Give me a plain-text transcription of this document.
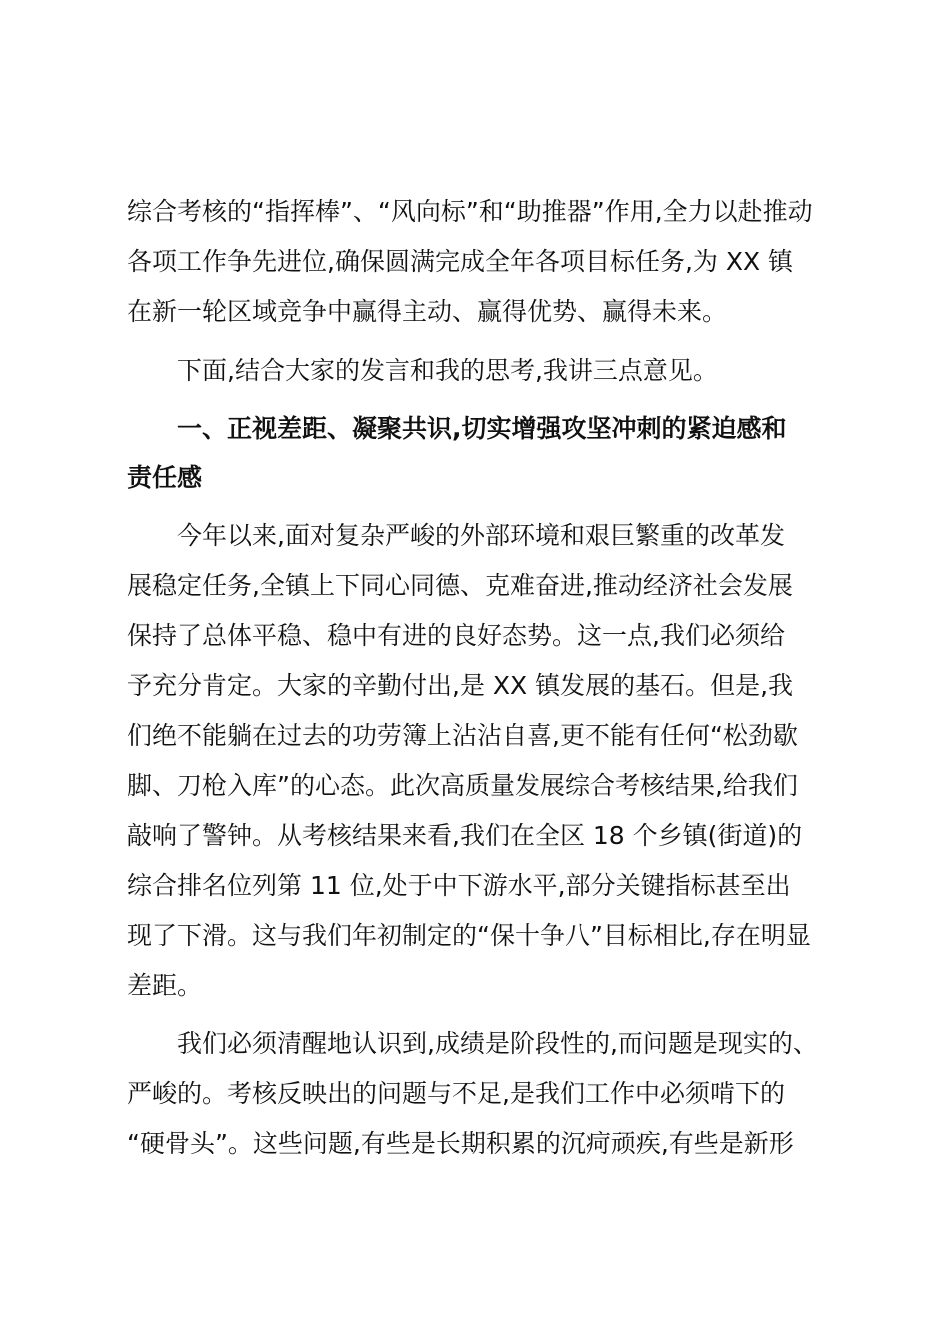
综合考核的“指挥棒”、“风向标”和“助推器”作用,全力以赴推动
各项工作争先进位,确保圆满完成全年各项目标任务,为 XX 镇
在新一轮区域竞争中赢得主动、赢得优势、赢得未来。
下面,结合大家的发言和我的思考,我讲三点意见。
一、正视差距、凝聚共识,切实增强攻坚冲刺的紧迫感和
责任感
今年以来,面对复杂严峻的外部环境和艰巨繁重的改革发
展稳定任务,全镇上下同心同德、克难奋进,推动经济社会发展
保持了总体平稳、稳中有进的良好态势。这一点,我们必须给
予充分肯定。大家的辛勤付出,是 XX 镇发展的基石。但是,我
们绝不能躺在过去的功劳簿上沾沾自喜,更不能有任何“松劲歇
脚、刀枪入库”的心态。此次高质量发展综合考核结果,给我们
敲响了警钟。从考核结果来看,我们在全区 18 个乡镇(街道)的
综合排名位列第 11 位,处于中下游水平,部分关键指标甚至出
现了下滑。这与我们年初制定的“保十争八”目标相比,存在明显
差距。
我们必须清醒地认识到,成绩是阶段性的,而问题是现实的、
严峻的。考核反映出的问题与不足,是我们工作中必须啃下的
“硬骨头”。这些问题,有些是长期积累的沉疴顽疾,有些是新形
